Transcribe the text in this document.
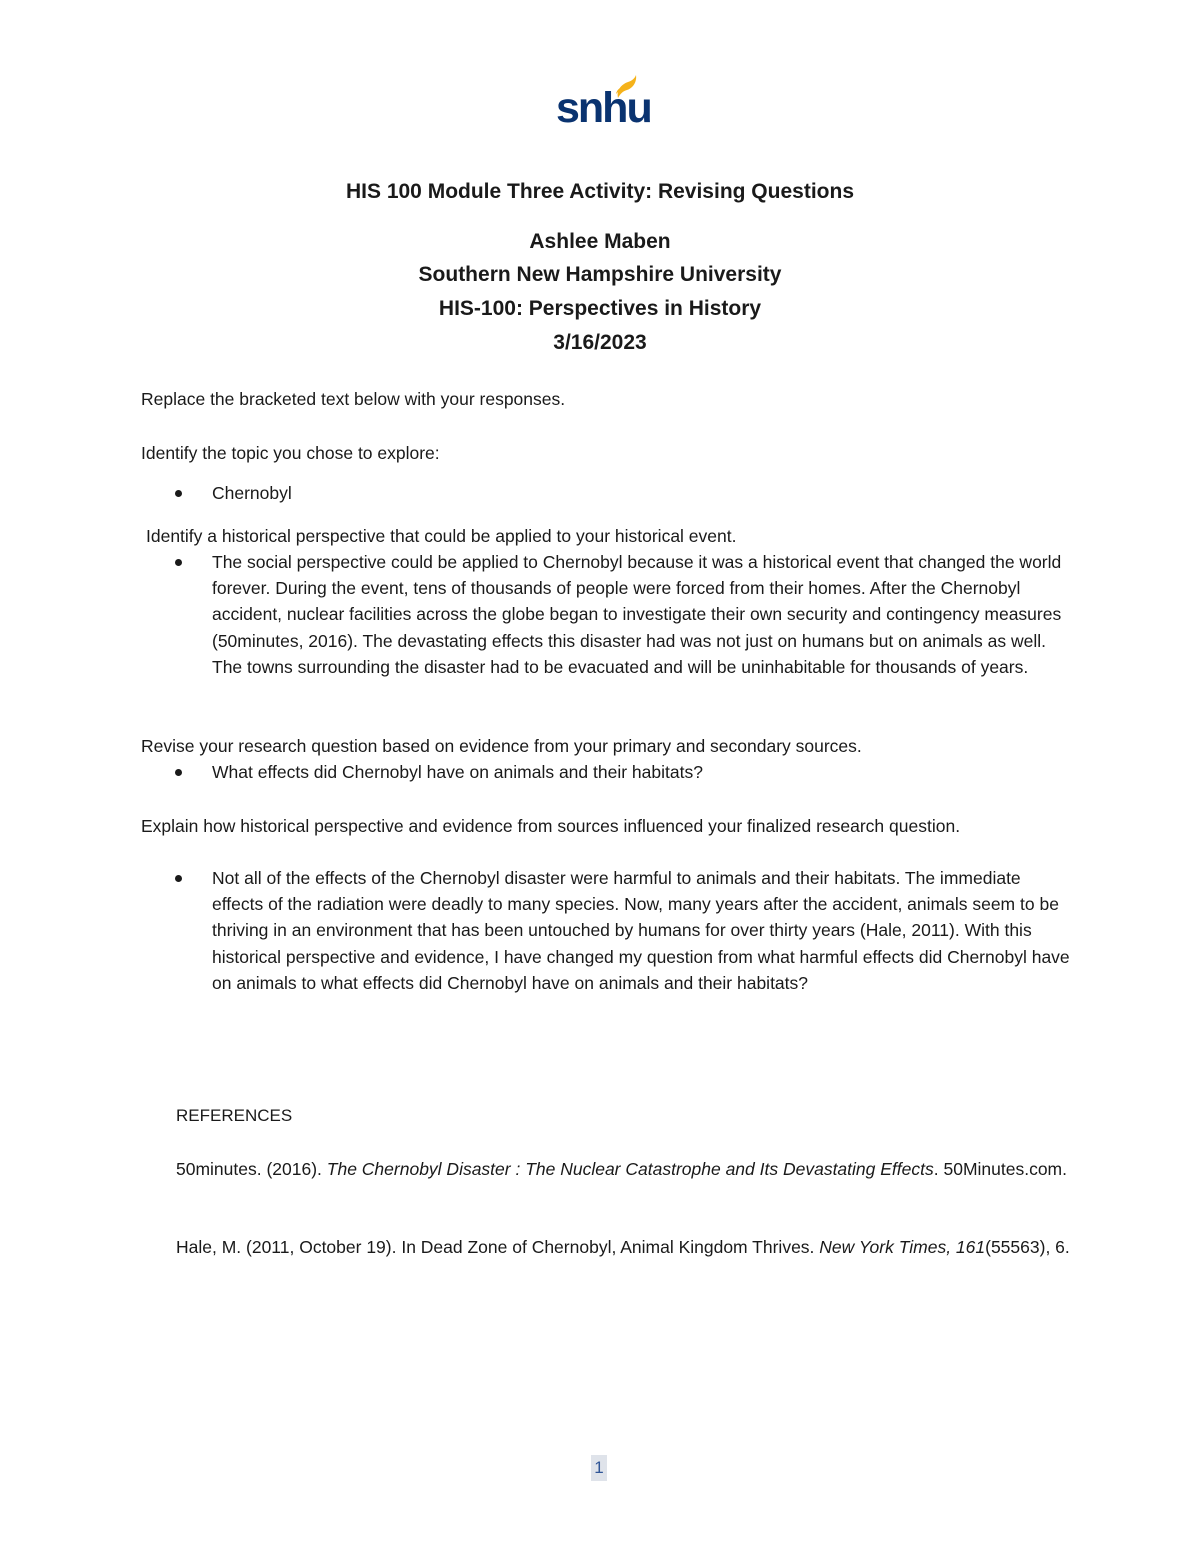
snhu
HIS 100 Module Three Activity: Revising Questions
Ashlee Maben
Southern New Hampshire University
HIS-100: Perspectives in History
3/16/2023
Replace the bracketed text below with your responses.
Identify the topic you chose to explore:
Chernobyl
Identify a historical perspective that could be applied to your historical event.
The social perspective could be applied to Chernobyl because it was a historical event that changed the world forever. During the event, tens of thousands of people were forced from their homes. After the Chernobyl accident, nuclear facilities across the globe began to investigate their own security and contingency measures (50minutes, 2016). The devastating effects this disaster had was not just on humans but on animals as well. The towns surrounding the disaster had to be evacuated and will be uninhabitable for thousands of years.
Revise your research question based on evidence from your primary and secondary sources.
What effects did Chernobyl have on animals and their habitats?
Explain how historical perspective and evidence from sources influenced your finalized research question.
Not all of the effects of the Chernobyl disaster were harmful to animals and their habitats. The immediate effects of the radiation were deadly to many species. Now, many years after the accident, animals seem to be thriving in an environment that has been untouched by humans for over thirty years (Hale, 2011). With this historical perspective and evidence, I have changed my question from what harmful effects did Chernobyl have on animals to what effects did Chernobyl have on animals and their habitats?
REFERENCES
50minutes. (2016). The Chernobyl Disaster : The Nuclear Catastrophe and Its Devastating Effects. 50Minutes.com.
Hale, M. (2011, October 19). In Dead Zone of Chernobyl, Animal Kingdom Thrives. New York Times, 161(55563), 6.
1
